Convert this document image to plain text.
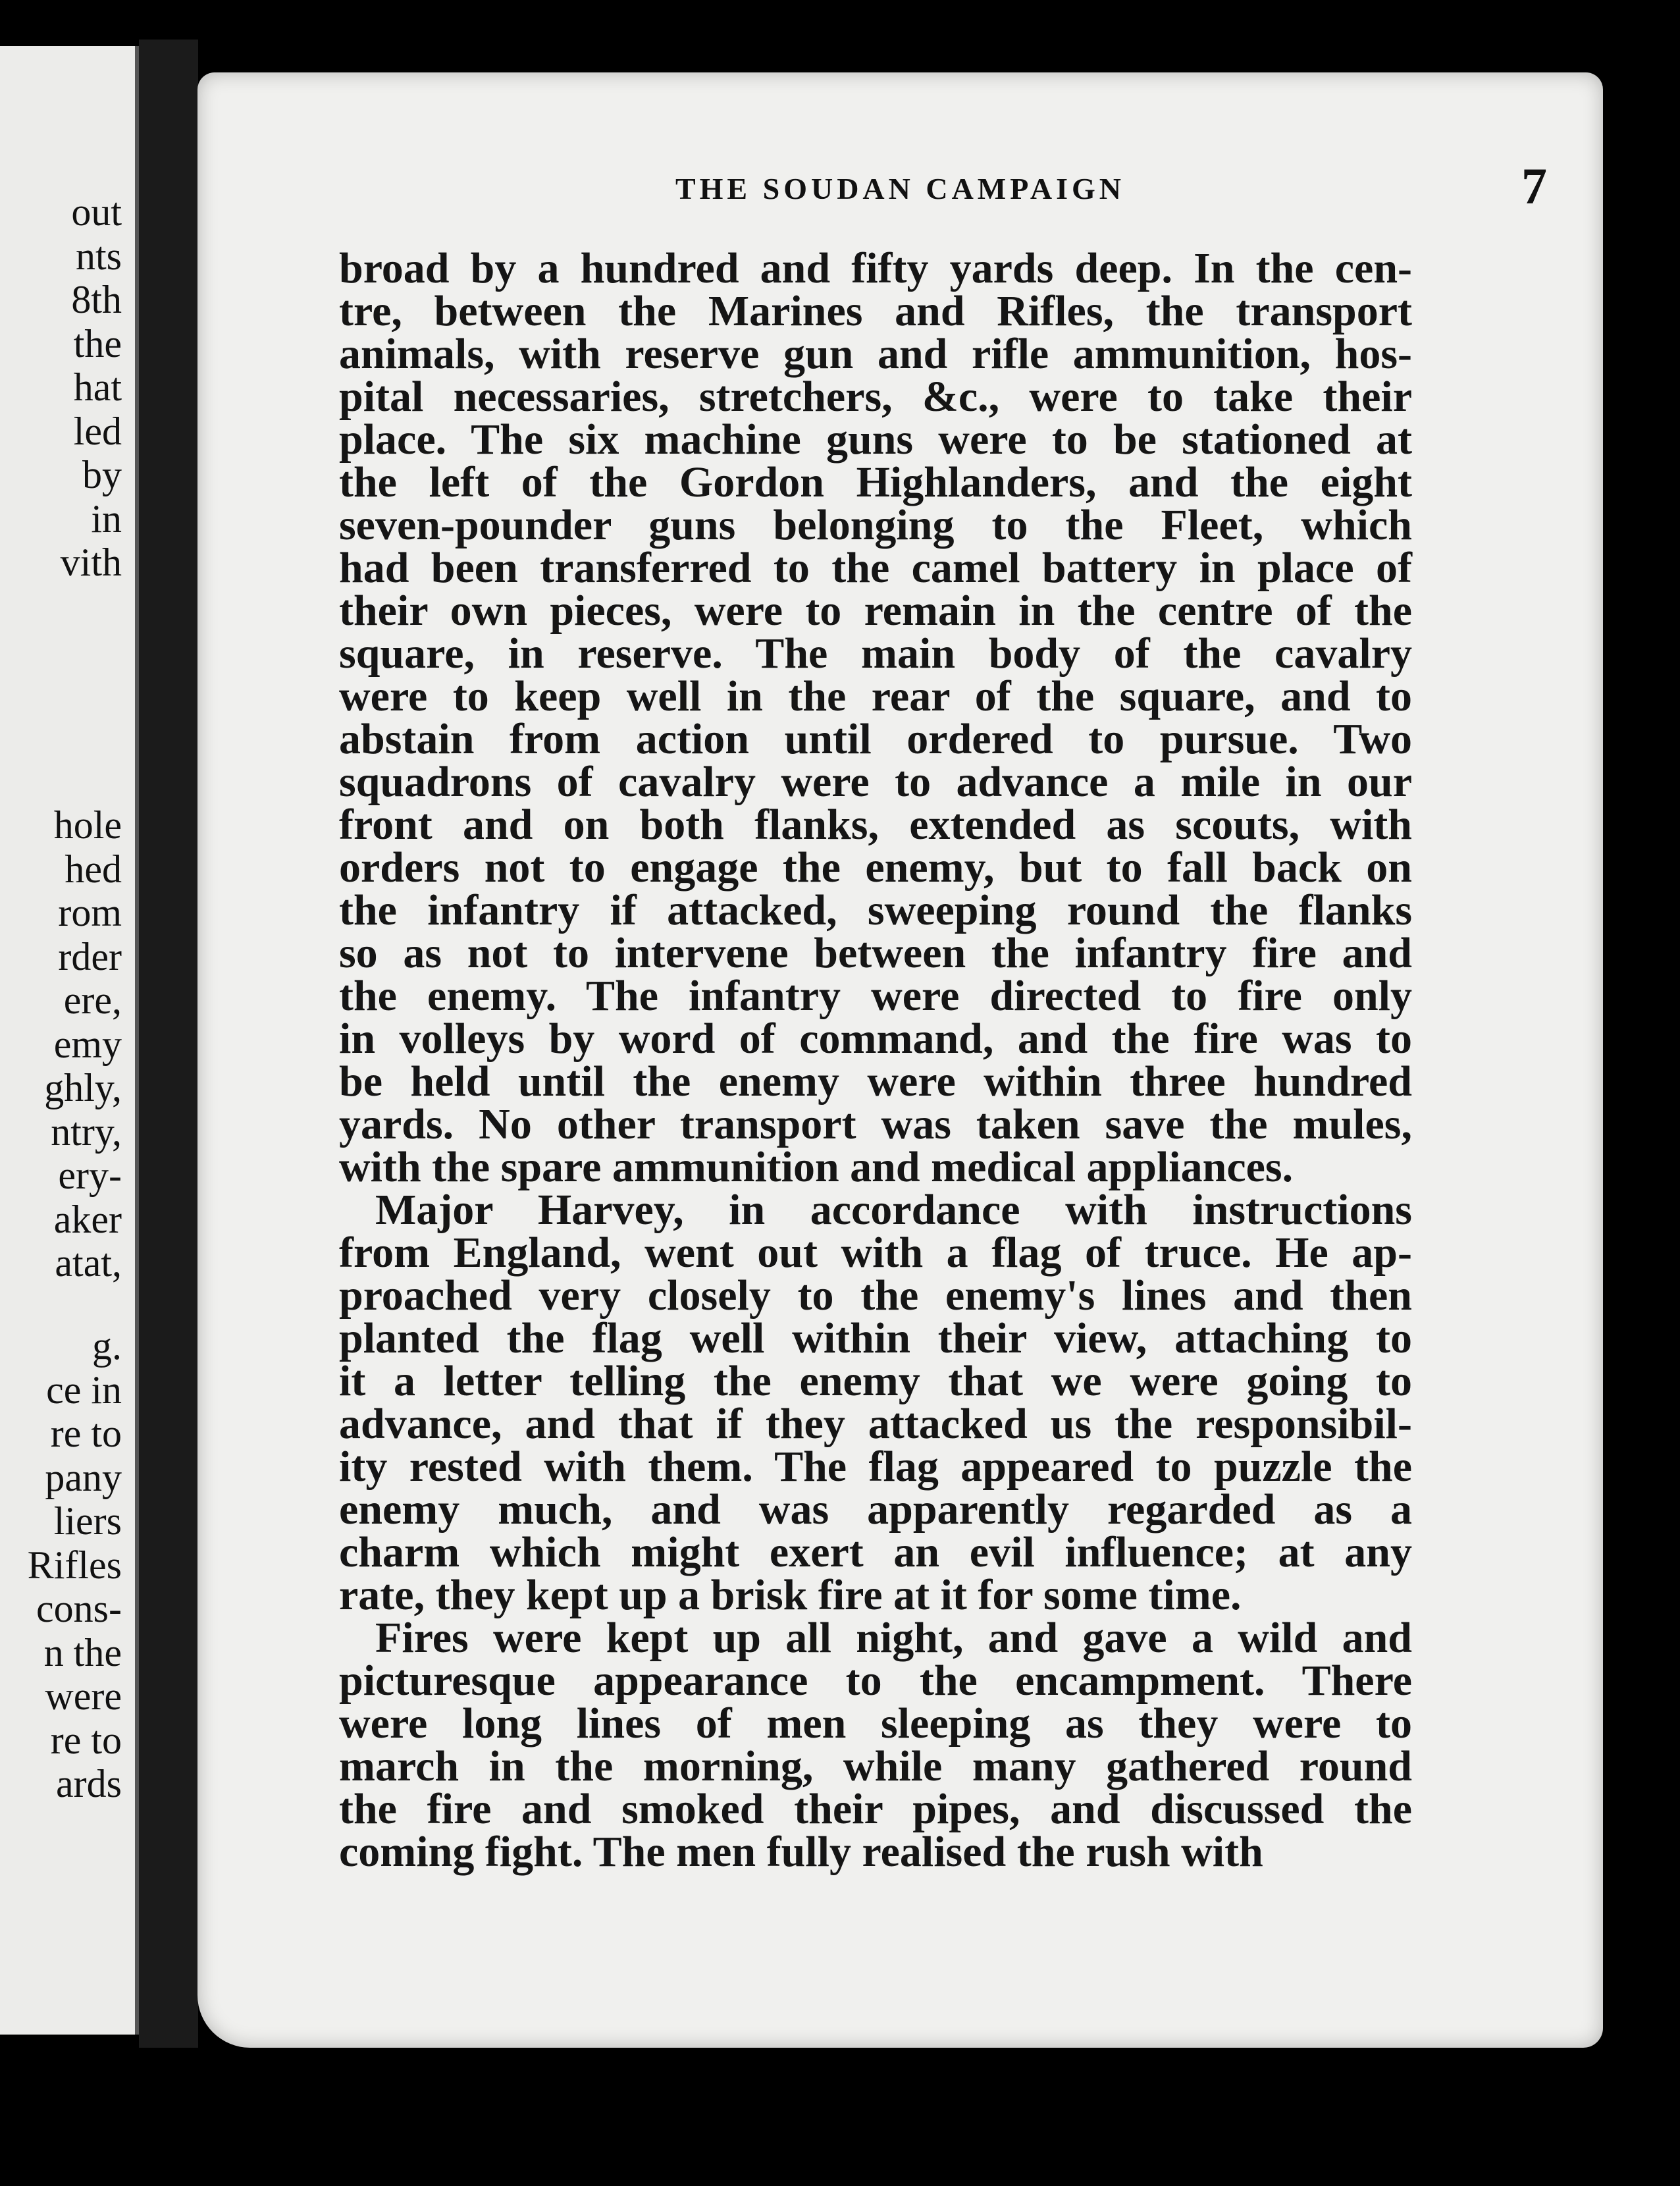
out

nts

8th

the

hat

led

by

in

vith

hole

hed

rom

rder

ere,

emy

ghly,

ntry,

ery-

aker

atat,

g.

ce in

re to

pany

liers

Rifles

cons-

n the

were

re to

ards

THE SOUDAN CAMPAIGN	7
broad by a hundred and fifty yards deep. In the cen-
tre, between the Marines and Rifles, the transport
animals, with reserve gun and rifle ammunition, hos-
pital necessaries, stretchers, &c., were to take their
place. The six machine guns were to be stationed at
the left of the Gordon Highlanders, and the eight
seven-pounder guns belonging to the Fleet, which
had been transferred to the camel battery in place of
their own pieces, were to remain in the centre of the
square, in reserve. The main body of the cavalry
were to keep well in the rear of the square, and to
abstain from action until ordered to pursue. Two
squadrons of cavalry were to advance a mile in our
front and on both flanks, extended as scouts, with
orders not to engage the enemy, but to fall back on
the infantry if attacked, sweeping round the flanks
so as not to intervene between the infantry fire and
the enemy. The infantry were directed to fire only
in volleys by word of command, and the fire was to
be held until the enemy were within three hundred
yards. No other transport was taken save the mules,
with the spare ammunition and medical appliances.
Major Harvey, in accordance with instructions
from England, went out with a flag of truce. He ap-
proached very closely to the enemy's lines and then
planted the flag well within their view, attaching to
it a letter telling the enemy that we were going to
advance, and that if they attacked us the responsibil-
ity rested with them. The flag appeared to puzzle the
enemy much, and was apparently regarded as a
charm which might exert an evil influence; at any
rate, they kept up a brisk fire at it for some time.
Fires were kept up all night, and gave a wild and
picturesque appearance to the encampment. There
were long lines of men sleeping as they were to
march in the morning, while many gathered round
the fire and smoked their pipes, and discussed the
coming fight. The men fully realised the rush with
